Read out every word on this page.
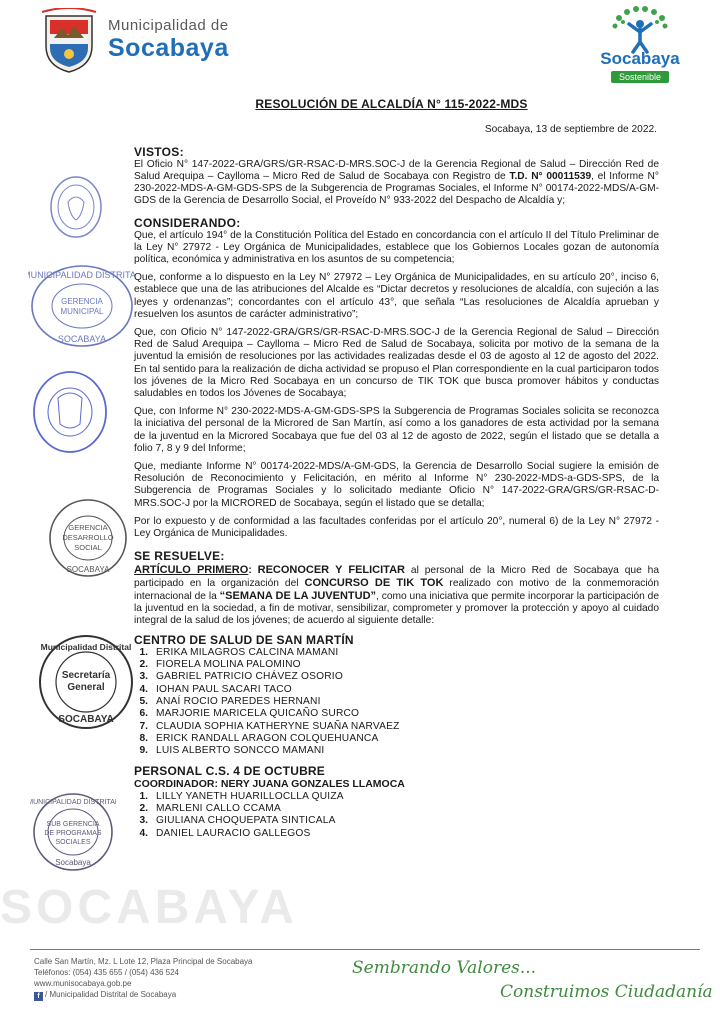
Municipalidad de
Socabaya	Socabaya
Sostenible
MUNICIPALIDAD DISTRITAL
GERENCIA
MUNICIPAL
SOCABAYA
GERENCIA
DESARROLLO
SOCIAL
SOCABAYA
Municipalidad Distrital
Secretaría
General
SOCABAYA
MUNICIPALIDAD DISTRITAL
SUB GERENCIA
DE PROGRAMAS
SOCIALES
Socabaya
SOCABAYA
RESOLUCIÓN DE ALCALDÍA N° 115-2022-MDS
Socabaya, 13 de septiembre de 2022.
VISTOS:
El Oficio N° 147-2022-GRA/GRS/GR-RSAC-D-MRS.SOC-J de la Gerencia Regional de Salud – Dirección Red de Salud Arequipa – Caylloma – Micro Red de Salud de Socabaya con Registro de T.D. N° 00011539, el Informe N° 230-2022-MDS-A-GM-GDS-SPS de la Subgerencia de Programas Sociales, el Informe N° 00174-2022-MDS/A-GM-GDS de la Gerencia de Desarrollo Social, el Proveído N° 933-2022 del Despacho de Alcaldía y;
CONSIDERANDO:
Que, el artículo 194° de la Constitución Política del Estado en concordancia con el artículo II del Título Preliminar de la Ley N° 27972 - Ley Orgánica de Municipalidades, establece que los Gobiernos Locales gozan de autonomía política, económica y administrativa en los asuntos de su competencia;
Que, conforme a lo dispuesto en la Ley N° 27972 – Ley Orgánica de Municipalidades, en su artículo 20°, inciso 6, establece que una de las atribuciones del Alcalde es “Dictar decretos y resoluciones de alcaldía, con sujeción a las leyes y ordenanzas”; concordantes con el artículo 43°, que señala “Las resoluciones de Alcaldía aprueban y resuelven los asuntos de carácter administrativo”;
Que, con Oficio N° 147-2022-GRA/GRS/GR-RSAC-D-MRS.SOC-J de la Gerencia Regional de Salud – Dirección Red de Salud Arequipa – Caylloma – Micro Red de Salud de Socabaya, solicita por motivo de la semana de la juventud la emisión de resoluciones por las actividades realizadas desde el 03 de agosto al 12 de agosto del 2022. En tal sentido para la realización de dicha actividad se propuso el Plan correspondiente en la cual participaron todos los jóvenes de la Micro Red Socabaya en un concurso de TIK TOK que busca promover hábitos y conductas saludables en todos los Jóvenes de Socabaya;
Que, con Informe N° 230-2022-MDS-A-GM-GDS-SPS la Subgerencia de Programas Sociales solicita se reconozca la iniciativa del personal de la Microred de San Martín, así como a los ganadores de esta actividad por la semana de la juventud en la Microred Socabaya que fue del 03 al 12 de agosto de 2022, según el listado que se detalla a folio 7, 8 y 9 del Informe;
Que, mediante Informe N° 00174-2022-MDS/A-GM-GDS, la Gerencia de Desarrollo Social sugiere la emisión de Resolución de Reconocimiento y Felicitación, en mérito al Informe N° 230-2022-MDS-a-GDS-SPS, de la Subgerencia de Programas Sociales y lo solicitado mediante Oficio N° 147-2022-GRA/GRS/GR-RSAC-D-MRS.SOC-J por la MICRORED de Socabaya, según el listado que se detalla;
Por lo expuesto y de conformidad a las facultades conferidas por el artículo 20°, numeral 6) de la Ley N° 27972 - Ley Orgánica de Municipalidades.
SE RESUELVE:
ARTÍCULO PRIMERO: RECONOCER Y FELICITAR al personal de la Micro Red de Socabaya que ha participado en la organización del CONCURSO DE TIK TOK realizado con motivo de la conmemoración internacional de la “SEMANA DE LA JUVENTUD”, como una iniciativa que permite incorporar la participación de la juventud en la sociedad, a fin de motivar, sensibilizar, comprometer y promover la protección y apoyo al cuidado integral de la salud de los jóvenes; de acuerdo al siguiente detalle:
CENTRO DE SALUD DE SAN MARTÍN
1. ERIKA MILAGROS CALCINA MAMANI
2. FIORELA MOLINA PALOMINO
3. GABRIEL PATRICIO CHÁVEZ OSORIO
4. IOHAN PAUL SACARI TACO
5. ANAÍ ROCIO PAREDES HERNANI
6. MARJORIE MARICELA QUICAÑO SURCO
7. CLAUDIA SOPHIA KATHERYNE SUAÑA NARVAEZ
8. ERICK RANDALL ARAGON COLQUEHUANCA
9. LUIS ALBERTO SONCCO MAMANI
PERSONAL C.S. 4 DE OCTUBRE
COORDINADOR: NERY JUANA GONZALES LLAMOCA
1. LILLY YANETH HUARILLOCLLA QUIZA
2. MARLENI CALLO CCAMA
3. GIULIANA CHOQUEPATA SINTICALA
4. DANIEL LAURACIO GALLEGOS
Calle San Martín, Mz. L Lote 12, Plaza Principal de Socabaya
Teléfonos: (054) 435 655 / (054) 436 524
www.munisocabaya.gob.pe
f / Municipalidad Distrital de Socabaya
Sembrando Valores...
Construimos Ciudadanía
